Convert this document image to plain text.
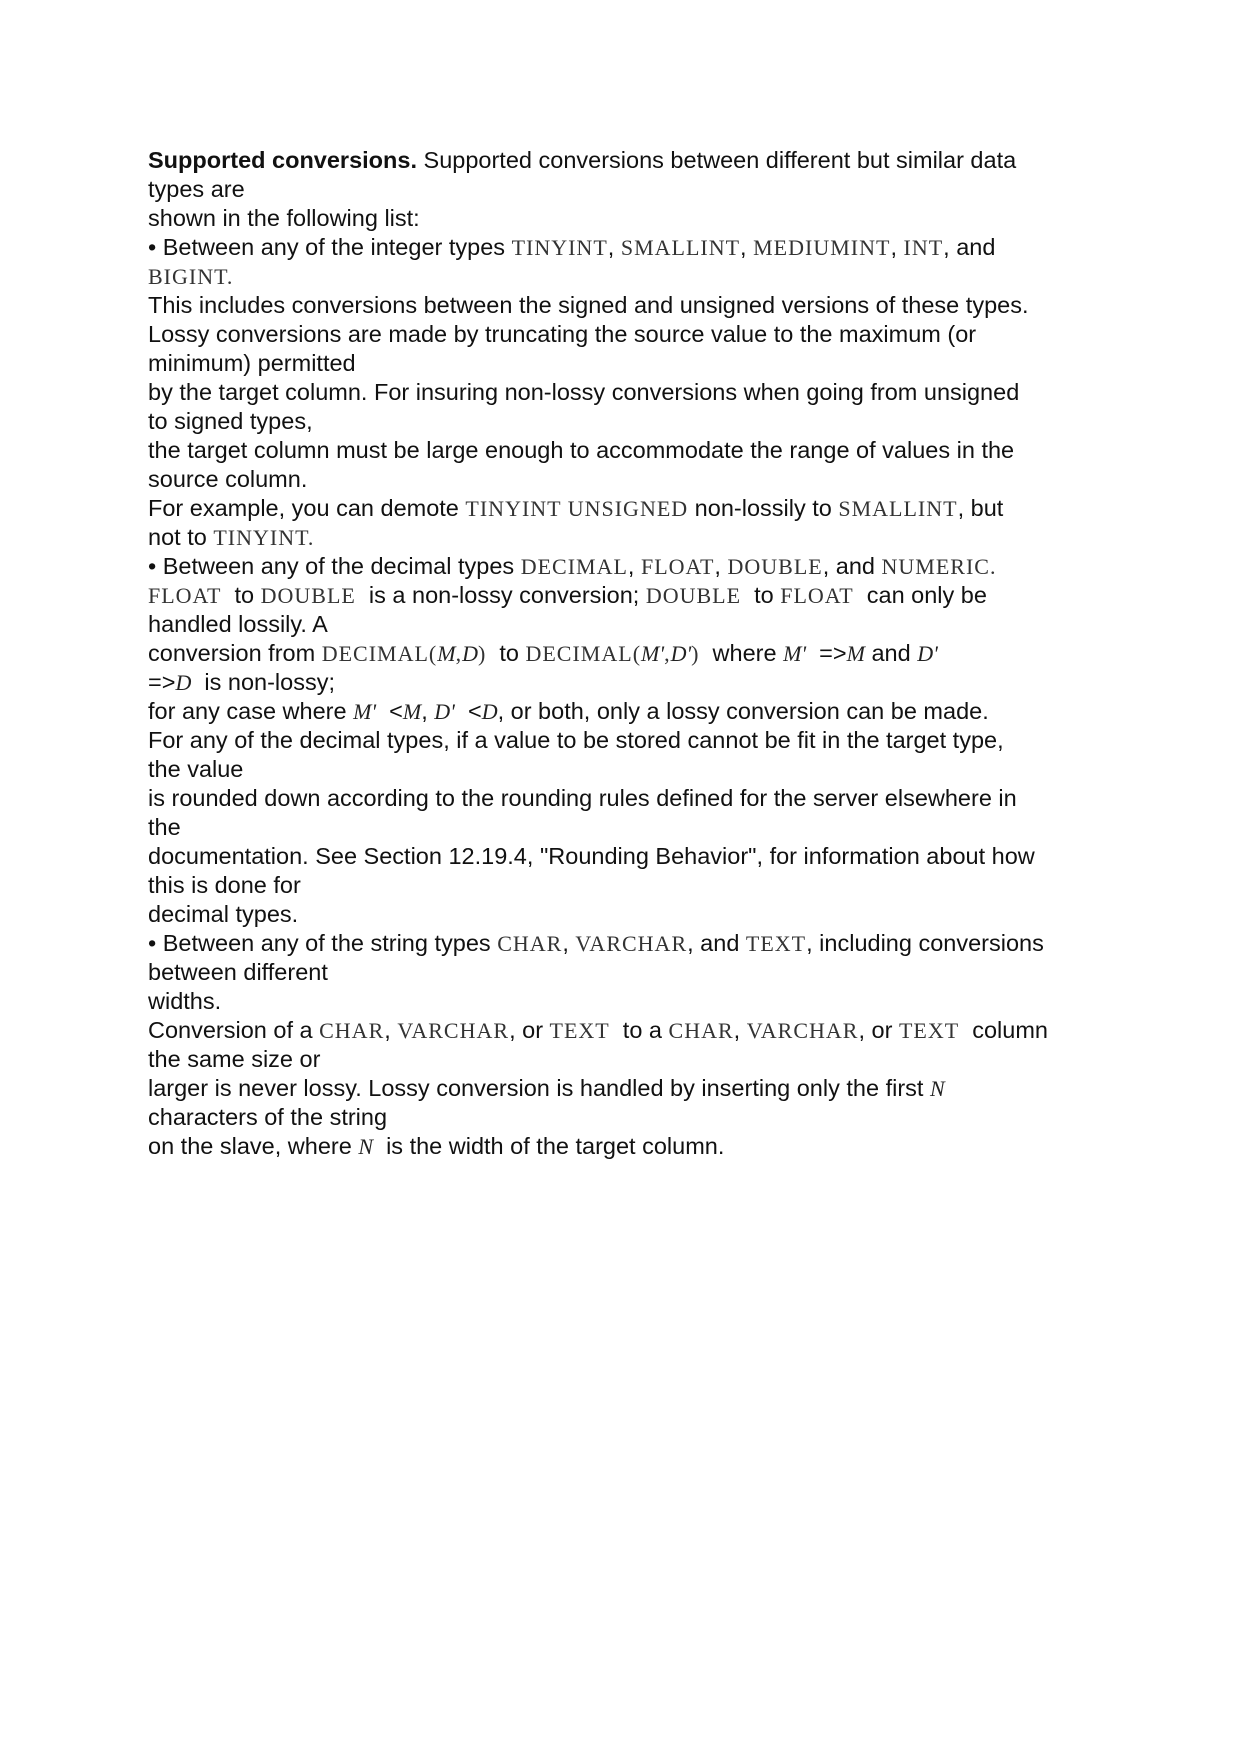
Supported conversions. Supported conversions between different but similar data
types are
shown in the following list:
• Between any of the integer types TINYINT, SMALLINT, MEDIUMINT, INT, and
BIGINT.
This includes conversions between the signed and unsigned versions of these types.
Lossy conversions are made by truncating the source value to the maximum (or
minimum) permitted
by the target column. For insuring non-lossy conversions when going from unsigned
to signed types,
the target column must be large enough to accommodate the range of values in the
source column.
For example, you can demote TINYINT UNSIGNED non-lossily to SMALLINT, but
not to TINYINT.
• Between any of the decimal types DECIMAL, FLOAT, DOUBLE, and NUMERIC.
FLOAT  to DOUBLE  is a non-lossy conversion; DOUBLE  to FLOAT  can only be
handled lossily. A
conversion from DECIMAL(M,D)  to DECIMAL(M',D')  where M'  =>M and D'
=>D  is non-lossy;
for any case where M'  <M, D'  <D, or both, only a lossy conversion can be made.
For any of the decimal types, if a value to be stored cannot be fit in the target type,
the value
is rounded down according to the rounding rules defined for the server elsewhere in
the
documentation. See Section 12.19.4, "Rounding Behavior", for information about how
this is done for
decimal types.
• Between any of the string types CHAR, VARCHAR, and TEXT, including conversions
between different
widths.
Conversion of a CHAR, VARCHAR, or TEXT  to a CHAR, VARCHAR, or TEXT  column
the same size or
larger is never lossy. Lossy conversion is handled by inserting only the first N
characters of the string
on the slave, where N  is the width of the target column.
